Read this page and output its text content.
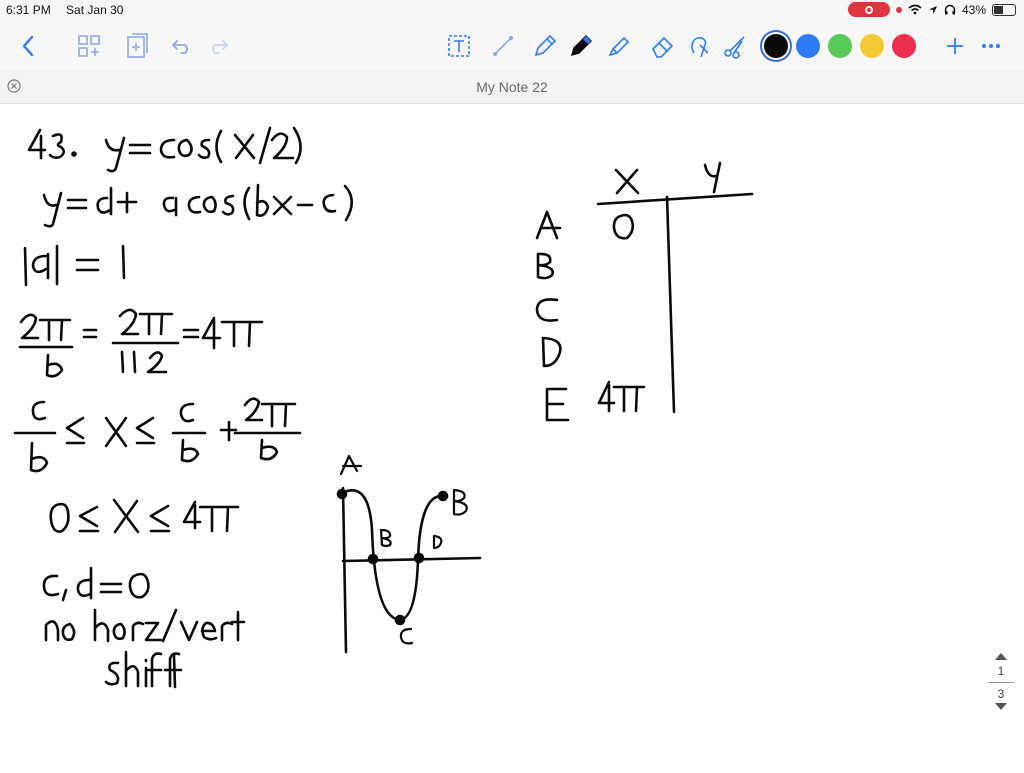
6:31 PM Sat Jan 30	43%
My Note 22
1
3
